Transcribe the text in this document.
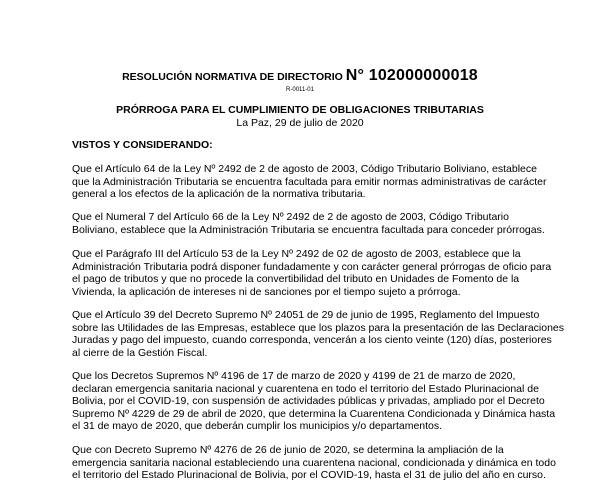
RESOLUCIÓN NORMATIVA DE DIRECTORIO N° 102000000018
R-0011-01
PRÓRROGA PARA EL CUMPLIMIENTO DE OBLIGACIONES TRIBUTARIAS
La Paz, 29 de julio de 2020
VISTOS Y CONSIDERANDO:

Que el Artículo 64 de la Ley Nº 2492 de 2 de agosto de 2003, Código Tributario Boliviano, establece

que la Administración Tributaria se encuentra facultada para emitir normas administrativas de carácter

general a los efectos de la aplicación de la normativa tributaria.

Que el Numeral 7 del Artículo 66 de la Ley Nº 2492 de 2 de agosto de 2003, Código Tributario

Boliviano, establece que la Administración Tributaria se encuentra facultada para conceder prórrogas.

Que el Parágrafo III del Artículo 53 de la Ley Nº 2492 de 02 de agosto de 2003, establece que la

Administración Tributaria podrá disponer fundadamente y con carácter general prórrogas de oficio para

el pago de tributos y que no procede la convertibilidad del tributo en Unidades de Fomento de la

Vivienda, la aplicación de intereses ni de sanciones por el tiempo sujeto a prórroga.

Que el Artículo 39 del Decreto Supremo Nº 24051 de 29 de junio de 1995, Reglamento del Impuesto

sobre las Utilidades de las Empresas, establece que los plazos para la presentación de las Declaraciones

Juradas y pago del impuesto, cuando corresponda, vencerán a los ciento veinte (120) días, posteriores

al cierre de la Gestión Fiscal.

Que los Decretos Supremos Nº 4196 de 17 de marzo de 2020 y 4199 de 21 de marzo de 2020,

declaran emergencia sanitaria nacional y cuarentena en todo el territorio del Estado Plurinacional de

Bolivia, por el COVID-19, con suspensión de actividades públicas y privadas, ampliado por el Decreto

Supremo Nº 4229 de 29 de abril de 2020, que determina la Cuarentena Condicionada y Dinámica hasta

el 31 de mayo de 2020, que deberán cumplir los municipios y/o departamentos.

Que con Decreto Supremo Nº 4276 de 26 de junio de 2020, se determina la ampliación de la

emergencia sanitaria nacional estableciendo una cuarentena nacional, condicionada y dinámica en todo

el territorio del Estado Plurinacional de Bolivia, por el COVID-19, hasta el 31 de julio del año en curso.
